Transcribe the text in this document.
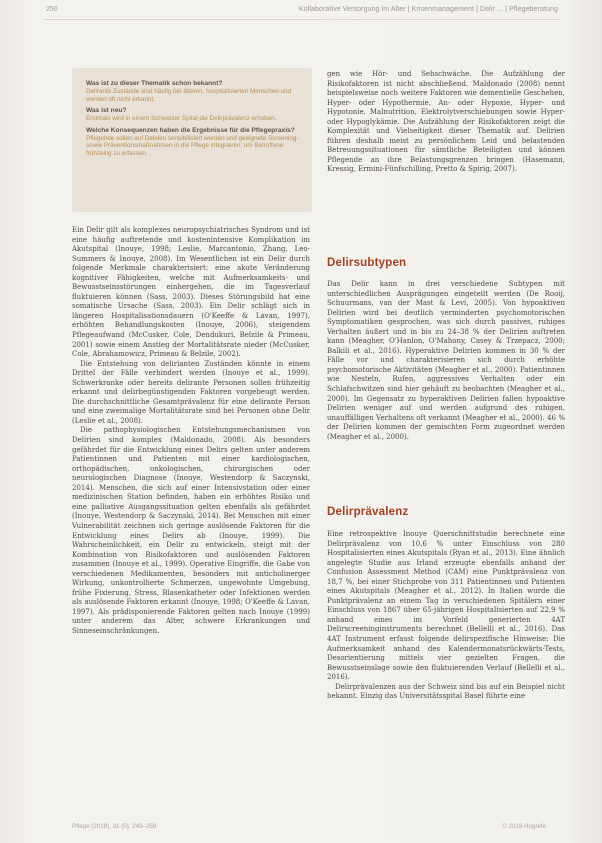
250	Kollaborative Versorgung im Alter | Krisenmanagement | Delir ... | Pflegeberatung
Was ist zu dieser Thematik schon bekannt?
Delirante Zustände sind häufig bei älteren, hospitalisierten Menschen und werden oft nicht erkannt.
Was ist neu?
Erstmals wird in einem Schweizer Spital die Delirprävalenz erhoben.
Welche Konsequenzen haben die Ergebnisse für die Pflegepraxis?
Pflegende sollen auf Delirien sensibilisiert werden und geeignete Screening- sowie Präventionsmaßnahmen in die Pflege integrieren, um Betroffene frühzeitig zu erfassen.

Ein Delir gilt als komplexes neuropsychiatrisches Syndrom und ist eine häufig auftretende und kostenintensive Komplikation im Akutspital (Inouye, 1998; Leslie, Marcantonio, Zhang, Leo-Summers & Inouye, 2008). Im Wesentlichen ist ein Delir durch folgende Merkmale charakterisiert: eine akute Veränderung kognitiver Fähigkeiten, welche mit Aufmerksamkeits- und Bewusstseinsstörungen einhergehen, die im Tagesverlauf fluktuieren können (Sass, 2003). Dieses Störungsbild hat eine somatische Ursache (Sass, 2003). Ein Delir schlägt sich in längeren Hospitalisationsdauern (O'Keeffe & Lavan, 1997), erhöhten Behandlungskosten (Inouye, 2006), steigendem Pflegeaufwand (McCusker, Cole, Dendukuri, Belzile & Primeau, 2001) sowie einem Anstieg der Mortalitätsrate nieder (McCusker, Cole, Abrahamowicz, Primeau & Belzile, 2002).

Die Entstehung von delirianten Zuständen könnte in einem Drittel der Fälle verhindert werden (Inouye et al., 1999). Schwerkranke oder bereits delirante Personen sollen frühzeitig erkannt und delirbegünstigenden Faktoren vorgebeugt werden. Die durchschnittliche Gesamtprävalenz für eine delirante Person und eine zweimalige Mortalitätsrate sind bei Personen ohne Delir (Leslie et al., 2008).

Die pathophysiologischen Entstehungsmechanismen von Delirien sind komplex (Maldonado, 2008). Als besonders gefährdet für die Entwicklung eines Delirs gelten unter anderem Patientinnen und Patienten mit einer kardiologischen, orthopädischen, onkologischen, chirurgischen oder neurologischen Diagnose (Inouye, Westendorp & Saczynski, 2014). Menschen, die sich auf einer Intensivstation oder einer medizinischen Station befinden, haben ein erhöhtes Risiko und eine palliative Ausgangssituation gelten ebenfalls als gefährdet (Inouye, Westendorp & Saczynski, 2014). Bei Menschen mit einer Vulnerabilität zeichnen sich geringe auslösende Faktoren für die Entwicklung eines Delirs ab (Inouye, 1999). Die Wahrscheinlichkeit, ein Delir zu entwickeln, steigt mit der Kombination von Risikofaktoren und auslösenden Faktoren zusammen (Inouye et al., 1999). Operative Eingriffe, die Gabe von verschiedenen Medikamenten, besonders mit anticholinerger Wirkung, unkontrollierte Schmerzen, ungewohnte Umgebung, frühe Fixierung, Stress, Blasenkatheter oder Infektionen werden als auslösende Faktoren erkannt (Inouye, 1998; O'Keeffe & Lavan, 1997). Als prädisponierende Faktoren gelten nach Inouye (1999) unter anderem das Alter, schwere Erkrankungen und Sinneseinschränkungen.

gen wie Hör- und Sehschwäche. Die Aufzählung der Risikofaktoren ist nicht abschließend. Maldonado (2008) nennt beispielsweise noch weitere Faktoren wie dementielle Geschehen, Hyper- oder Hypothermie, An- oder Hypoxie, Hyper- und Hypotonie, Malnutrition, Elektrolytverschiebungen sowie Hyper- oder Hypoglykämie. Die Aufzählung der Risikofaktoren zeigt die Komplexität und Vielseitigkeit dieser Thematik auf. Delirien führen deshalb meist zu persönlichem Leid und belastenden Betreuungssituationen für sämtliche Beteiligten und können Pflegende an ihre Belastungsgrenzen bringen (Hasemann, Kressig, Ermini-Fünfschilling, Pretto & Spirig, 2007).

Delirsubtypen

Das Delir kann in drei verschiedene Subtypen mit unterschiedlichen Ausprägungen eingeteilt werden (De Rooij, Schuurmans, van der Mast & Levi, 2005). Von hypoaktiven Delirien wird bei deutlich verminderten psychomotorischen Symptomatiken gesprochen, was sich durch passives, ruhiges Verhalten äußert und in bis zu 24–38 % der Delirien auftreten kann (Meagher, O'Hanlon, O'Mahony, Casey & Trzepacz, 2000; Balkili et al., 2016). Hyperaktive Delirien kommen in 30 % der Fälle vor und charakterisieren sich durch erhöhte psychomotorische Aktivitäten (Meagher et al., 2000). Patientinnen wie Nesteln, Rufen, aggressives Verhalten oder ein Schlafschwitzen sind hier gehäuft zu beobachten (Meagher et al., 2000). Im Gegensatz zu hyperaktiven Delirien fallen hypoaktive Delirien weniger auf und werden aufgrund des ruhigen, unauffälligen Verhaltens oft verkannt (Meagher et al., 2000). 46 % der Delirien kommen der gemischten Form zugeordnet werden (Meagher et al., 2000).

Delirprävalenz

Eine retrospektive Inouye Querschnittstudie berechnete eine Delirprävalenz von 10,6 % unter Einschluss von 280 Hospitalisierten eines Akutspitals (Ryan et al., 2013). Eine ähnlich angelegte Studie aus Irland erzeugte ebenfalls anhand der Confusion Assessment Method (CAM) eine Punktprävalenz von 18,7 %, bei einer Stichprobe von 311 Patientinnen und Patienten eines Akutspitals (Meagher et al., 2012). In Italien wurde die Punktprävalenz an einem Tag in verschiedenen Spitälern einer Einschluss von 1867 über 65-jährigen Hospitalisierten auf 22,9 % anhand eines im Vorfeld generierten 4AT Delirscreeninginstruments berechnet (Bellelli et al., 2016). Das 4AT Instrument erfasst folgende delirspezifische Hinweise: Die Aufmerksamkeit anhand des Kalendermonatsrückwärts-Tests, Desorientierung mittels vier gezielten Fragen, die Bewusstseinslage sowie den fluktuierenden Verlauf (Bellelli et al., 2016).

Delirprävalenzen aus der Schweiz sind bis auf ein Beispiel nicht bekannt. Einzig das Universitätsspital Basel führte eine

Pflege (2018), 31 (5), 249–258	© 2018 Hogrefe
